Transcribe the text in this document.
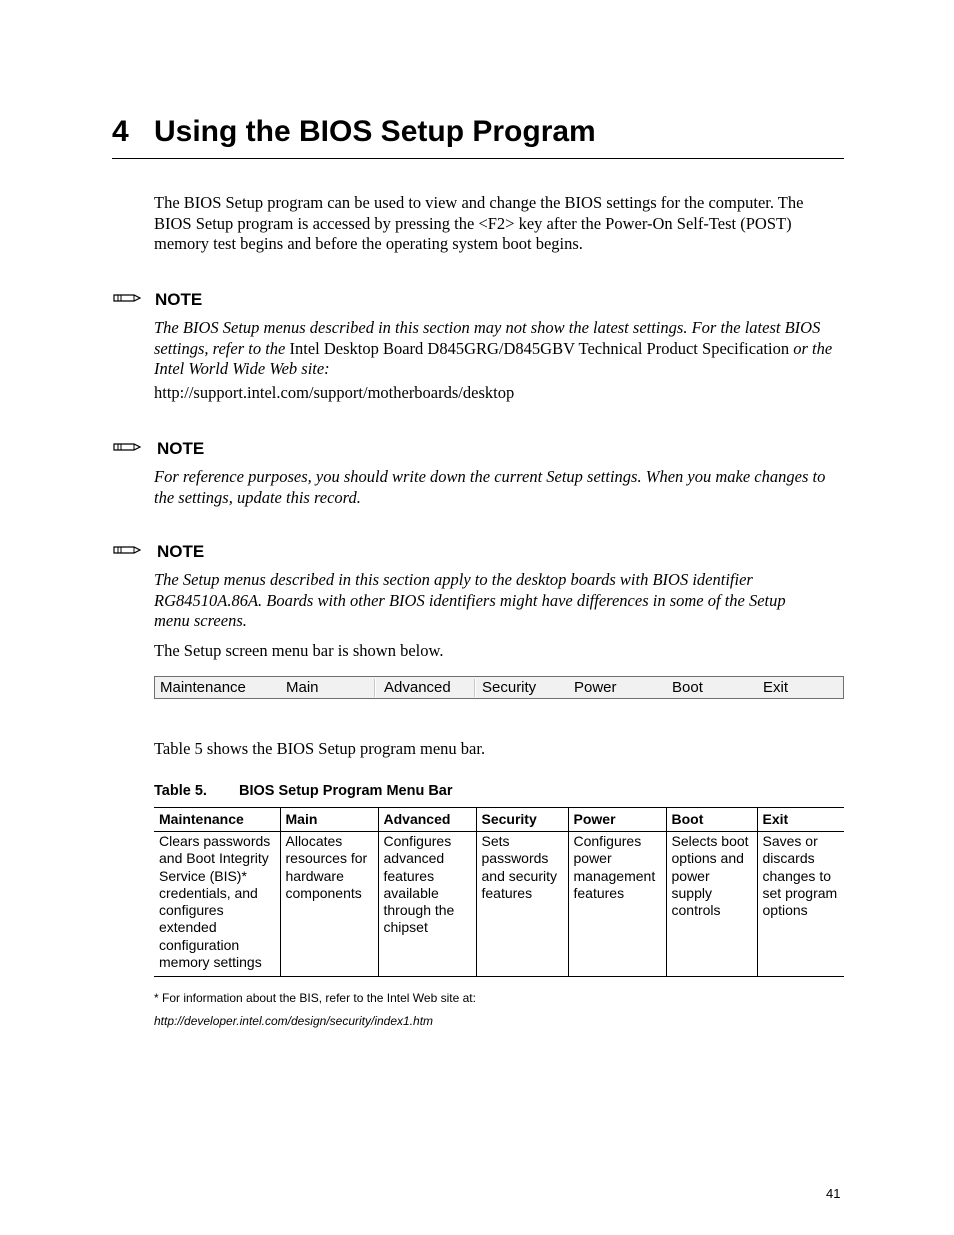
4 Using the BIOS Setup Program
The BIOS Setup program can be used to view and change the BIOS settings for the computer. The BIOS Setup program is accessed by pressing the <F2> key after the Power-On Self-Test (POST) memory test begins and before the operating system boot begins.
NOTE
The BIOS Setup menus described in this section may not show the latest settings. For the latest BIOS settings, refer to the Intel Desktop Board D845GRG/D845GBV Technical Product Specification or the Intel World Wide Web site:
http://support.intel.com/support/motherboards/desktop
NOTE
For reference purposes, you should write down the current Setup settings. When you make changes to the settings, update this record.
NOTE
The Setup menus described in this section apply to the desktop boards with BIOS identifier RG84510A.86A. Boards with other BIOS identifiers might have differences in some of the Setup menu screens.
The Setup screen menu bar is shown below.
Maintenance	Main	Advanced Security	Power	Boot	Exit
Table 5 shows the BIOS Setup program menu bar.
Table 5. BIOS Setup Program Menu Bar
Maintenance	Main	Advanced	Security	Power	Boot	Exit
Clears passwords and Boot Integrity Service (BIS)* credentials, and configures extended configuration memory settings	Allocates resources for hardware components	Configures advanced features available through the chipset	Sets passwords and security features	Configures power management features	Selects boot options and power supply controls	Saves or discards changes to set program options
* For information about the BIS, refer to the Intel Web site at:
http://developer.intel.com/design/security/index1.htm
41
